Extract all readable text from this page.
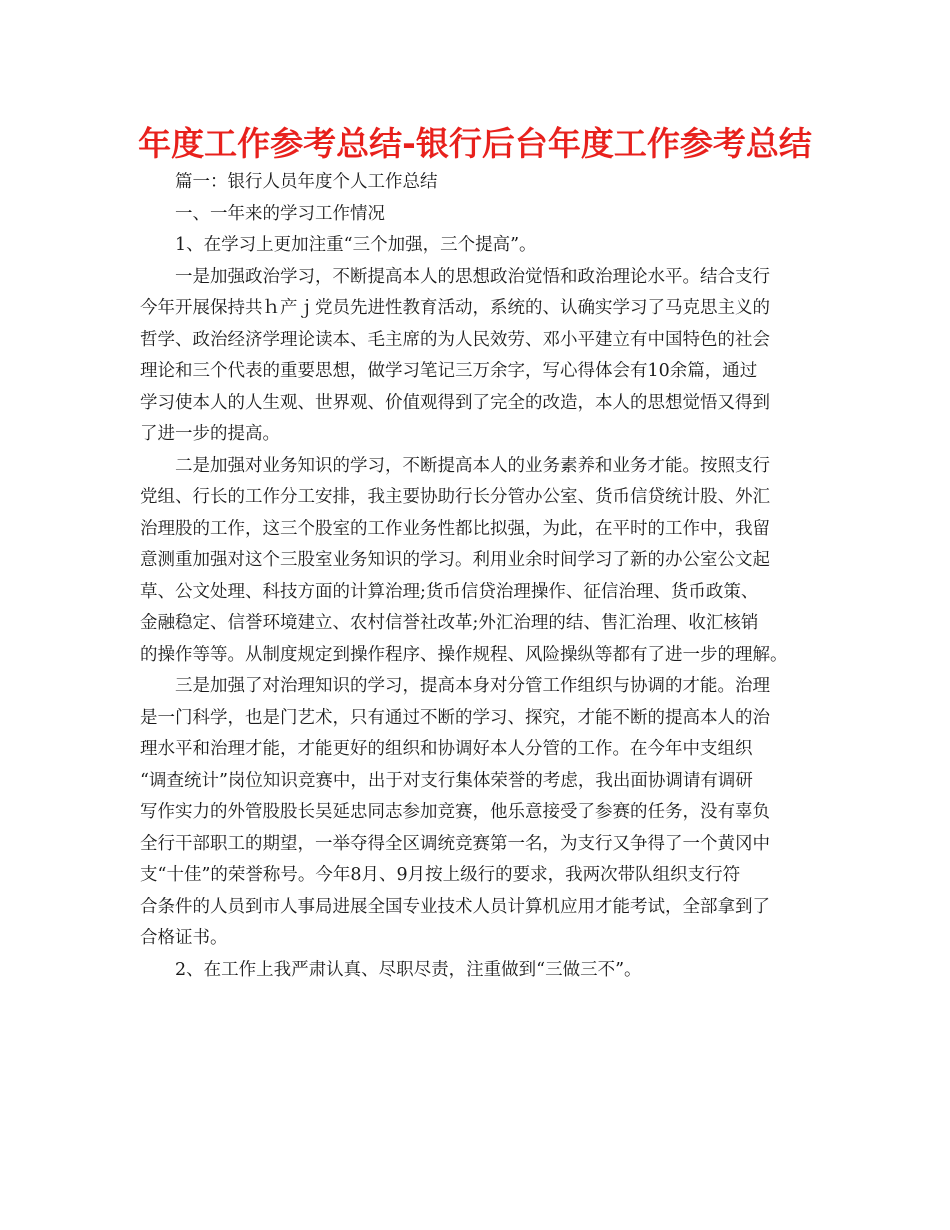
年度工作参考总结-银行后台年度工作参考总结
篇一：银行人员年度个人工作总结
一、一年来的学习工作情况
1、在学习上更加注重“三个加强，三个提高”。
一是加强政治学习，不断提高本人的思想政治觉悟和政治理论水平。结合支行
今年开展保持共ｈ产ｊ党员先进性教育活动，系统的、认确实学习了马克思主义的
哲学、政治经济学理论读本、毛主席的为人民效劳、邓小平建立有中国特色的社会
理论和三个代表的重要思想，做学习笔记三万余字，写心得体会有10余篇，通过
学习使本人的人生观、世界观、价值观得到了完全的改造，本人的思想觉悟又得到
了进一步的提高。
二是加强对业务知识的学习，不断提高本人的业务素养和业务才能。按照支行
党组、行长的工作分工安排，我主要协助行长分管办公室、货币信贷统计股、外汇
治理股的工作，这三个股室的工作业务性都比拟强，为此，在平时的工作中，我留
意测重加强对这个三股室业务知识的学习。利用业余时间学习了新的办公室公文起
草、公文处理、科技方面的计算治理;货币信贷治理操作、征信治理、货币政策、
金融稳定、信誉环境建立、农村信誉社改革;外汇治理的结、售汇治理、收汇核销
的操作等等。从制度规定到操作程序、操作规程、风险操纵等都有了进一步的理解。
三是加强了对治理知识的学习，提高本身对分管工作组织与协调的才能。治理
是一门科学，也是门艺术，只有通过不断的学习、探究，才能不断的提高本人的治
理水平和治理才能，才能更好的组织和协调好本人分管的工作。在今年中支组织
“调查统计”岗位知识竞赛中，出于对支行集体荣誉的考虑，我出面协调请有调研
写作实力的外管股股长吴延忠同志参加竞赛，他乐意接受了参赛的任务，没有辜负
全行干部职工的期望，一举夺得全区调统竞赛第一名，为支行又争得了一个黄冈中
支“十佳”的荣誉称号。今年8月、9月按上级行的要求，我两次带队组织支行符
合条件的人员到市人事局进展全国专业技术人员计算机应用才能考试，全部拿到了
合格证书。
2、在工作上我严肃认真、尽职尽责，注重做到“三做三不”。
